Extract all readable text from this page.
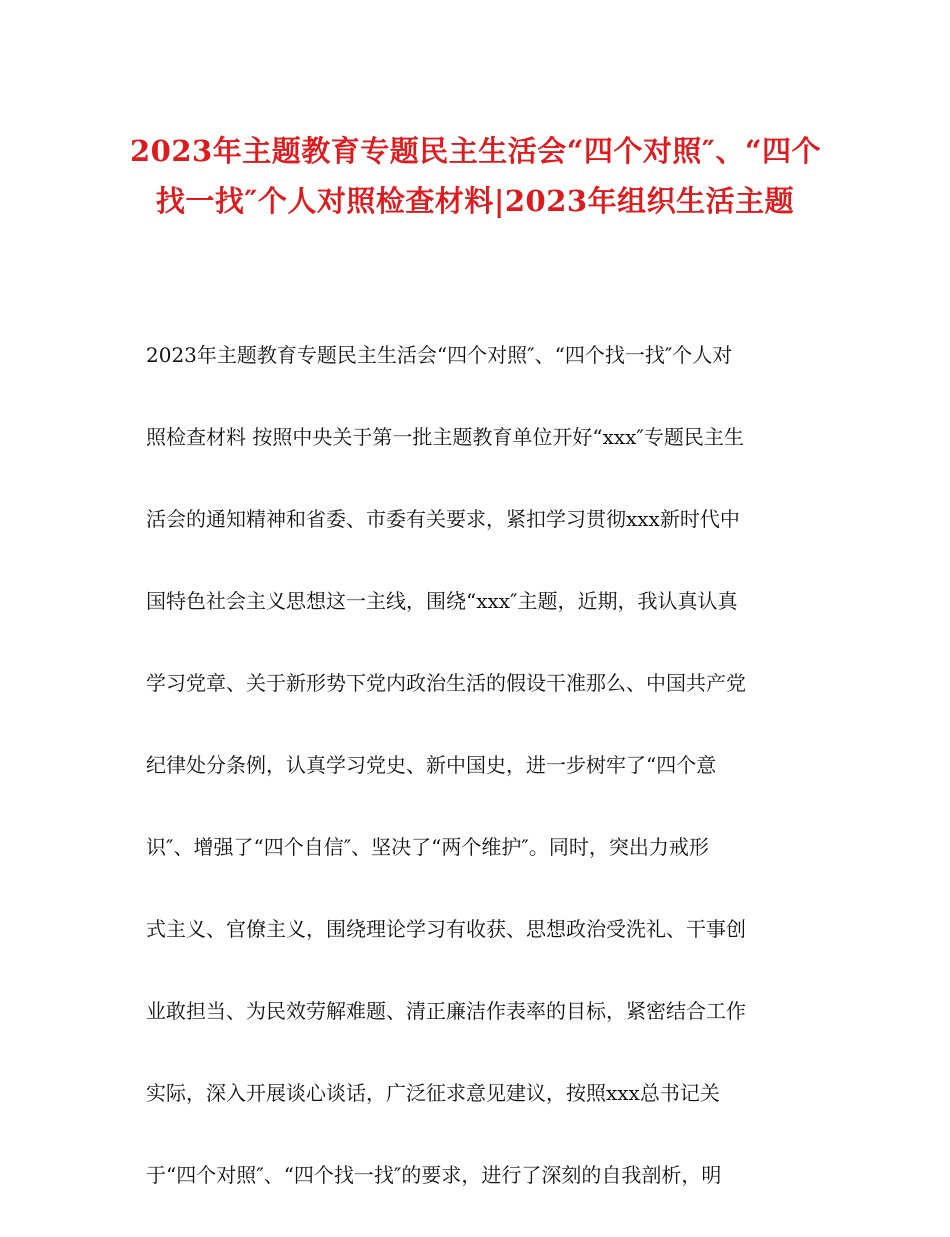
2023年主题教育专题民主生活会“四个对照″、“四个
找一找″个人对照检查材料|2023年组织生活主题
2023年主题教育专题民主生活会“四个对照″、“四个找一找″个人对
照检查材料 按照中央关于第一批主题教育单位开好“xxx″专题民主生
活会的通知精神和省委、市委有关要求，紧扣学习贯彻xxx新时代中
国特色社会主义思想这一主线，围绕“xxx″主题，近期，我认真认真
学习党章、关于新形势下党内政治生活的假设干准那么、中国共产党
纪律处分条例，认真学习党史、新中国史，进一步树牢了“四个意
识″、增强了“四个自信″、坚决了“两个维护″。同时，突出力戒形
式主义、官僚主义，围绕理论学习有收获、思想政治受洗礼、干事创
业敢担当、为民效劳解难题、清正廉洁作表率的目标，紧密结合工作
实际，深入开展谈心谈话，广泛征求意见建议，按照xxx总书记关
于“四个对照″、“四个找一找″的要求，进行了深刻的自我剖析，明
